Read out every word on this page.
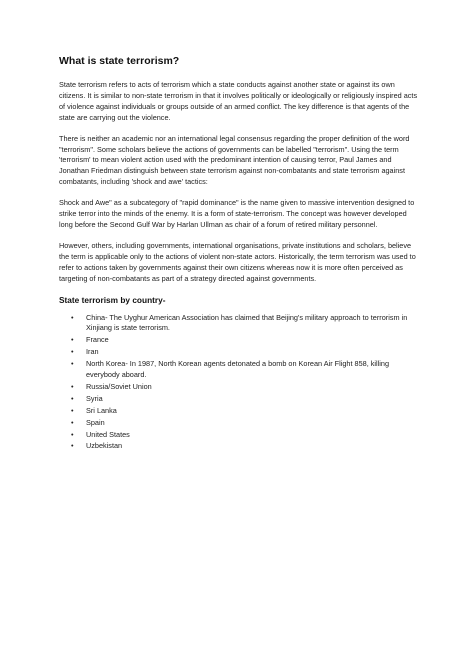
What is state terrorism?

State terrorism refers to acts of terrorism which a state conducts against another state or against its own citizens. It is similar to non-state terrorism in that it involves politically or ideologically or religiously inspired acts of violence against individuals or groups outside of an armed conflict. The key difference is that agents of the state are carrying out the violence.

There is neither an academic nor an international legal consensus regarding the proper definition of the word "terrorism". Some scholars believe the actions of governments can be labelled "terrorism". Using the term 'terrorism' to mean violent action used with the predominant intention of causing terror, Paul James and Jonathan Friedman distinguish between state terrorism against non-combatants and state terrorism against combatants, including 'shock and awe' tactics:

Shock and Awe" as a subcategory of "rapid dominance" is the name given to massive intervention designed to strike terror into the minds of the enemy. It is a form of state-terrorism. The concept was however developed long before the Second Gulf War by Harlan Ullman as chair of a forum of retired military personnel.

However, others, including governments, international organisations, private institutions and scholars, believe the term is applicable only to the actions of violent non-state actors. Historically, the term terrorism was used to refer to actions taken by governments against their own citizens whereas now it is more often perceived as targeting of non-combatants as part of a strategy directed against governments.

State terrorism by country-
• China- The Uyghur American Association has claimed that Beijing's military approach to terrorism in Xinjiang is state terrorism.
• France
• Iran
• North Korea- In 1987, North Korean agents detonated a bomb on Korean Air Flight 858, killing everybody aboard.
• Russia/Soviet Union
• Syria
• Sri Lanka
• Spain
• United States
• Uzbekistan
